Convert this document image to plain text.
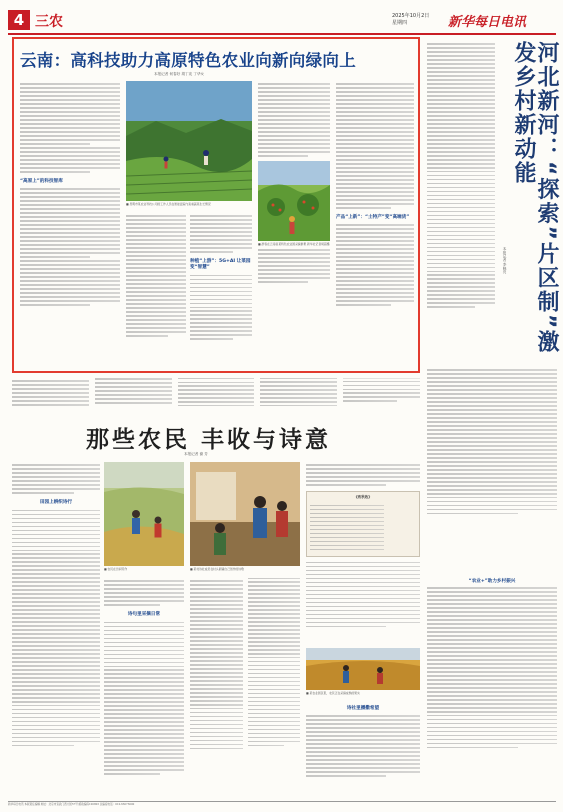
4 三农	2025年10月2日
星期四	新华每日电讯
云南：高科技助力高原特色农业向新向绿向上
本报记者 何春好 胡丁宪 丁华女
“高原上”的科技智库
■ 昆明市某农业科技公司的工作人员在智能温室内查看蔬菜生长情况
种植“上游”：5G+AI 让菜园变“智慧”
■ 游客在云南省某特色农业园采摘鲜果 新华社记者胡超摄
产品“上新”：“土特产”变“高端货”	河北新河：“探索”片区制”激发乡村新动能
本报记者 李晓亮
“农业+”助力乡村振兴
那些农民 丰收与诗意
本报记者 谢 芳
田园上耕织诗行
■ 农民在田间劳作
诗句里采摘日常
■ 某村诗社成员在村头朗诵自己创作的诗歌
《致秋收》
■ 某农业园区里，农民正在采摘成熟的果实
诗社里播撒希望
新华每日电讯 本版责任编辑 地址：北京市宣武门西大街57号 邮政编码100803 总编室电话：010-63073000
